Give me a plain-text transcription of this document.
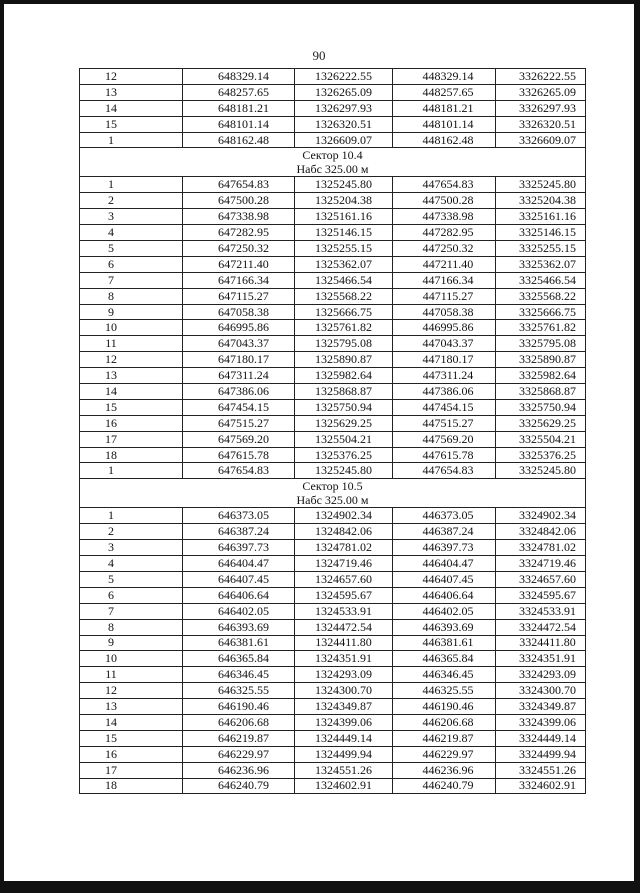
90
12	648329.14	1326222.55	448329.14	3326222.55
13	648257.65	1326265.09	448257.65	3326265.09
14	648181.21	1326297.93	448181.21	3326297.93
15	648101.14	1326320.51	448101.14	3326320.51
1	648162.48	1326609.07	448162.48	3326609.07

Сектор 10.4
Набс 325.00 м				

1	647654.83	1325245.80	447654.83	3325245.80
2	647500.28	1325204.38	447500.28	3325204.38
3	647338.98	1325161.16	447338.98	3325161.16
4	647282.95	1325146.15	447282.95	3325146.15
5	647250.32	1325255.15	447250.32	3325255.15
6	647211.40	1325362.07	447211.40	3325362.07
7	647166.34	1325466.54	447166.34	3325466.54
8	647115.27	1325568.22	447115.27	3325568.22
9	647058.38	1325666.75	447058.38	3325666.75
10	646995.86	1325761.82	446995.86	3325761.82
11	647043.37	1325795.08	447043.37	3325795.08
12	647180.17	1325890.87	447180.17	3325890.87
13	647311.24	1325982.64	447311.24	3325982.64
14	647386.06	1325868.87	447386.06	3325868.87
15	647454.15	1325750.94	447454.15	3325750.94
16	647515.27	1325629.25	447515.27	3325629.25
17	647569.20	1325504.21	447569.20	3325504.21
18	647615.78	1325376.25	447615.78	3325376.25
1	647654.83	1325245.80	447654.83	3325245.80

Сектор 10.5
Набс 325.00 м				

1	646373.05	1324902.34	446373.05	3324902.34
2	646387.24	1324842.06	446387.24	3324842.06
3	646397.73	1324781.02	446397.73	3324781.02
4	646404.47	1324719.46	446404.47	3324719.46
5	646407.45	1324657.60	446407.45	3324657.60
6	646406.64	1324595.67	446406.64	3324595.67
7	646402.05	1324533.91	446402.05	3324533.91
8	646393.69	1324472.54	446393.69	3324472.54
9	646381.61	1324411.80	446381.61	3324411.80
10	646365.84	1324351.91	446365.84	3324351.91
11	646346.45	1324293.09	446346.45	3324293.09
12	646325.55	1324300.70	446325.55	3324300.70
13	646190.46	1324349.87	446190.46	3324349.87
14	646206.68	1324399.06	446206.68	3324399.06
15	646219.87	1324449.14	446219.87	3324449.14
16	646229.97	1324499.94	446229.97	3324499.94
17	646236.96	1324551.26	446236.96	3324551.26
18	646240.79	1324602.91	446240.79	3324602.91
